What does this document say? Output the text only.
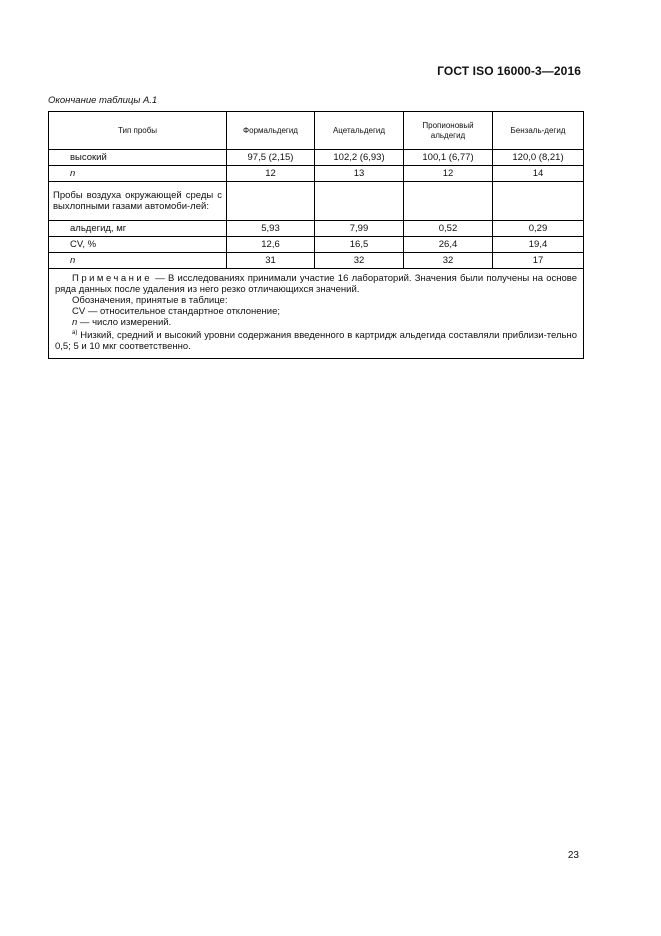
ГОСТ ISO 16000-3—2016
Окончание таблицы А.1
Тип пробы	Формальдегид	Ацетальдегид	Пропионовый альдегид	Бензаль-дегид
высокий	97,5 (2,15)	102,2 (6,93)	100,1 (6,77)	120,0 (8,21)
n	12	13	12	14
Пробы воздуха окружающей среды с выхлопными газами автомоби-лей:				
альдегид, мг	5,93	7,99	0,52	0,29
CV, %	12,6	16,5	26,4	19,4
n	31	32	32	17

Примечание — В исследованиях принимали участие 16 лабораторий. Значения были получены на основе ряда данных после удаления из него резко отличающихся значений.

Обозначения, принятые в таблице:

CV — относительное стандартное отклонение;

n — число измерений.

$^{a)}$ Низкий, средний и высокий уровни содержания введенного в картридж альдегида составляли приблизи-тельно 0,5; 5 и 10 мкг соответственно.				

23
